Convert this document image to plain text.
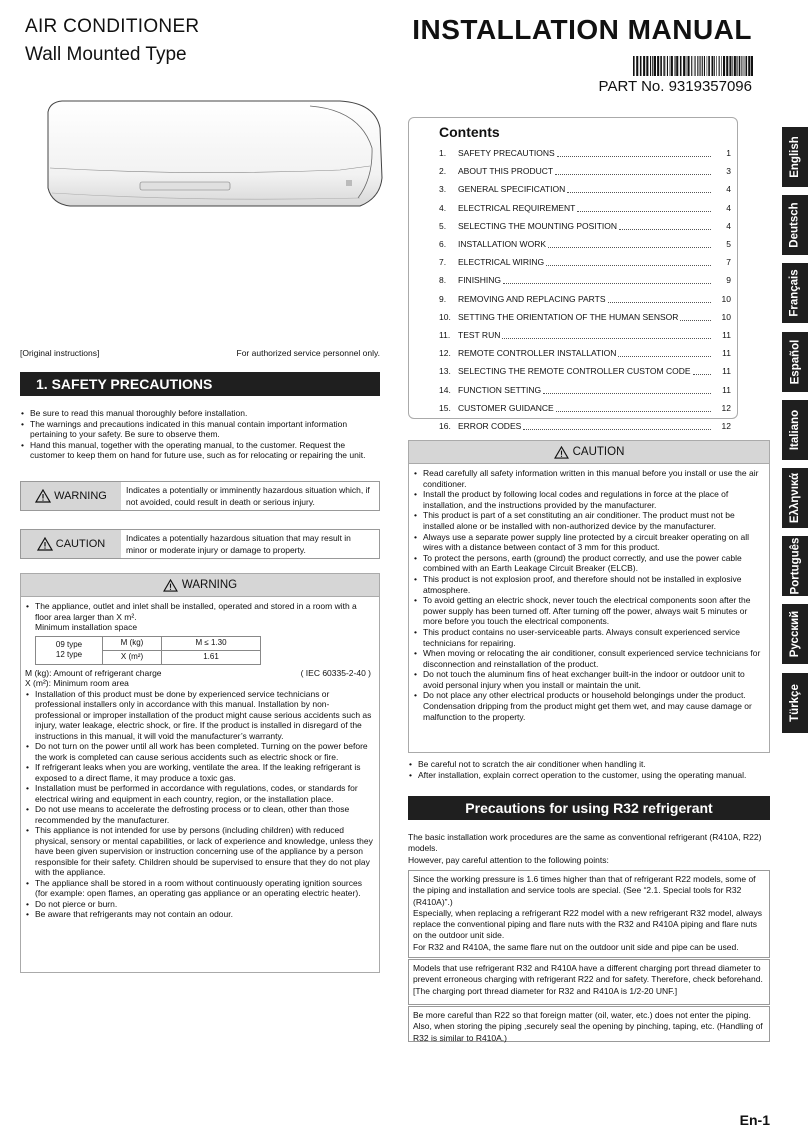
AIR CONDITIONER
Wall Mounted Type
INSTALLATION MANUAL
PART No. 9319357096
[Original instructions]	For authorized service personnel only.
1. SAFETY PRECAUTIONS
• Be sure to read this manual thoroughly before installation.
• The warnings and precautions indicated in this manual contain important information pertaining to your safety. Be sure to observe them.
• Hand this manual, together with the operating manual, to the customer. Request the customer to keep them on hand for future use, such as for relocating or repairing the unit.
WARNING	Indicates a potentially or imminently hazardous situation which, if not avoided, could result in death or serious injury.
CAUTION	Indicates a potentially hazardous situation that may result in minor or moderate injury or damage to property.
WARNING
• The appliance, outlet and inlet shall be installed, operated and stored in a room with a floor area larger than X m².
Minimum installation space
09 type
12 type	M (kg)	M ≤ 1.30
	X (m²)	1.61
M (kg): Amount of refrigerant charge	( IEC 60335-2-40 )
X (m²): Minimum room area
• Installation of this product must be done by experienced service technicians or professional installers only in accordance with this manual. Installation by non-professional or improper installation of the product might cause serious accidents such as injury, water leakage, electric shock, or fire. If the product is installed in disregard of the instructions in this manual, it will void the manufacturer’s warranty.
• Do not turn on the power until all work has been completed. Turning on the power before the work is completed can cause serious accidents such as electric shock or fire.
• If refrigerant leaks when you are working, ventilate the area. If the leaking refrigerant is exposed to a direct flame, it may produce a toxic gas.
• Installation must be performed in accordance with regulations, codes, or standards for electrical wiring and equipment in each country, region, or the installation place.
• Do not use means to accelerate the defrosting process or to clean, other than those recommended by the manufacturer.
• This appliance is not intended for use by persons (including children) with reduced physical, sensory or mental capabilities, or lack of experience and knowledge, unless they have been given supervision or instruction concerning use of the appliance by a person responsible for their safety. Children should be supervised to ensure that they do not play with the appliance.
• The appliance shall be stored in a room without continuously operating ignition sources (for example: open flames, an operating gas appliance or an operating electric heater).
• Do not pierce or burn.
• Be aware that refrigerants may not contain an odour.
Contents
1.	SAFETY PRECAUTIONS	1
2.	ABOUT THIS PRODUCT	3
3.	GENERAL SPECIFICATION	4
4.	ELECTRICAL REQUIREMENT	4
5.	SELECTING THE MOUNTING POSITION	4
6.	INSTALLATION WORK	5
7.	ELECTRICAL WIRING	7
8.	FINISHING	9
9.	REMOVING AND REPLACING PARTS	10
10. SETTING THE ORIENTATION OF THE HUMAN SENSOR	10
11. TEST RUN	11
12. REMOTE CONTROLLER INSTALLATION	11
13. SELECTING THE REMOTE CONTROLLER CUSTOM CODE	11
14. FUNCTION SETTING	11
15. CUSTOMER GUIDANCE	12
16. ERROR CODES	12
English
Deutsch
Français
Español
Italiano
Ελληνικά
Português
Русский
Türkçe
CAUTION
• Read carefully all safety information written in this manual before you install or use the air conditioner.
• Install the product by following local codes and regulations in force at the place of installation, and the instructions provided by the manufacturer.
• This product is part of a set constituting an air conditioner. The product must not be installed alone or be installed with non-authorized device by the manufacturer.
• Always use a separate power supply line protected by a circuit breaker operating on all wires with a distance between contact of 3 mm for this product.
• To protect the persons, earth (ground) the product correctly, and use the power cable combined with an Earth Leakage Circuit Breaker (ELCB).
• This product is not explosion proof, and therefore should not be installed in explosive atmosphere.
• To avoid getting an electric shock, never touch the electrical components soon after the power supply has been turned off. After turning off the power, always wait 5 minutes or more before you touch the electrical components.
• This product contains no user-serviceable parts. Always consult experienced service technicians for repairing.
• When moving or relocating the air conditioner, consult experienced service technicians for disconnection and reinstallation of the product.
• Do not touch the aluminum fins of heat exchanger built-in the indoor or outdoor unit to avoid personal injury when you install or maintain the unit.
• Do not place any other electrical products or household belongings under the product. Condensation dripping from the product might get them wet, and may cause damage or malfunction to the property.
• Be careful not to scratch the air conditioner when handling it.
• After installation, explain correct operation to the customer, using the operating manual.
Precautions for using R32 refrigerant
The basic installation work procedures are the same as conventional refrigerant (R410A, R22) models.
However, pay careful attention to the following points:
Since the working pressure is 1.6 times higher than that of refrigerant R22 models, some of the piping and installation and service tools are special. (See “2.1. Special tools for R32 (R410A)”.)
Especially, when replacing a refrigerant R22 model with a new refrigerant R32 model, always replace the conventional piping and flare nuts with the R32 and R410A piping and flare nuts on the outdoor unit side.
For R32 and R410A, the same flare nut on the outdoor unit side and pipe can be used.
Models that use refrigerant R32 and R410A have a different charging port thread diameter to prevent erroneous charging with refrigerant R22 and for safety. Therefore, check beforehand. [The charging port thread diameter for R32 and R410A is 1/2-20 UNF.]
Be more careful than R22 so that foreign matter (oil, water, etc.) does not enter the piping. Also, when storing the piping ,securely seal the opening by pinching, taping, etc. (Handling of R32 is similar to R410A.)
En-1
